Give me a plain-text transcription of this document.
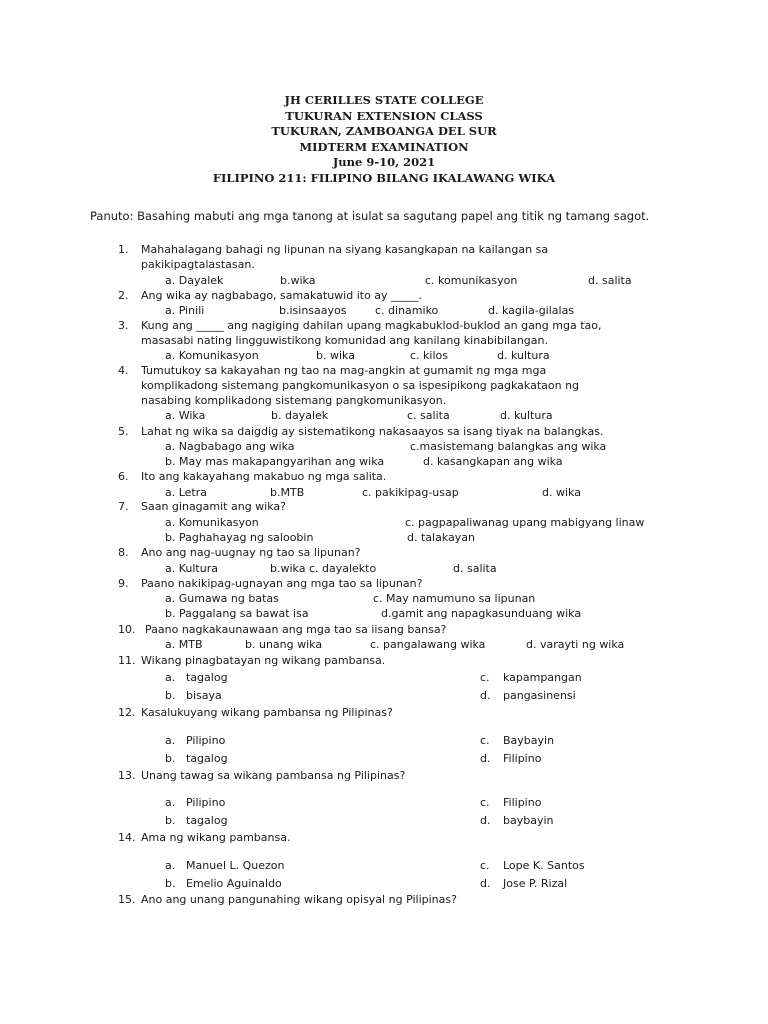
JH CERILLES STATE COLLEGE
TUKURAN EXTENSION CLASS
TUKURAN, ZAMBOANGA DEL SUR
MIDTERM EXAMINATION
June 9-10, 2021
FILIPINO 211: FILIPINO BILANG IKALAWANG WIKA
Panuto: Basahing mabuti ang mga tanong at isulat sa sagutang papel ang titik ng tamang sagot.
1. Mahahalagang bahagi ng lipunan na siyang kasangkapan na kailangan sa
pakikipagtalastasan.
a. Dayalek	b.wika	c. komunikasyon	d. salita
2. Ang wika ay nagbabago, samakatuwid ito ay _____.
a. Pinili	b.isinsaayos	c. dinamiko	d. kagila-gilalas
3. Kung ang _____ ang nagiging dahilan upang magkabuklod-buklod an gang mga tao,
masasabi nating lingguwistikong komunidad ang kanilang kinabibilangan.
a. Komunikasyon	b. wika	c. kilos	d. kultura
4. Tumutukoy sa kakayahan ng tao na mag-angkin at gumamit ng mga mga
komplikadong sistemang pangkomunikasyon o sa ispesipikong pagkakataon ng
nasabing komplikadong sistemang pangkomunikasyon.
a. Wika	b. dayalek	c. salita	d. kultura
5. Lahat ng wika sa daigdig ay sistematikong nakasaayos sa isang tiyak na balangkas.
a. Nagbabago ang wika	c.masistemang balangkas ang wika
b. May mas makapangyarihan ang wika	d. kasangkapan ang wika
6. Ito ang kakayahang makabuo ng mga salita.
a. Letra	b.MTB	c. pakikipag-usap	d. wika
7. Saan ginagamit ang wika?
a. Komunikasyon	c. pagpapaliwanag upang mabigyang linaw
b. Paghahayag ng saloobin	d. talakayan
8. Ano ang nag-uugnay ng tao sa lipunan?
a. Kultura	b.wika c. dayalekto	d. salita
9. Paano nakikipag-ugnayan ang mga tao sa lipunan?
a. Gumawa ng batas	c. May namumuno sa lipunan
b. Paggalang sa bawat isa	d.gamit ang napagkasunduang wika
10. Paano nagkakaunawaan ang mga tao sa iisang bansa?
a. MTB	b. unang wika	c. pangalawang wika	d. varayti ng wika
11. Wikang pinagbatayan ng wikang pambansa.
a. tagalog	c. kapampangan
b. bisaya	d. pangasinensi
12. Kasalukuyang wikang pambansa ng Pilipinas?
a. Pilipino	c. Baybayin
b. tagalog	d. Filipino
13. Unang tawag sa wikang pambansa ng Pilipinas?
a. Pilipino	c. Filipino
b. tagalog	d. baybayin
14. Ama ng wikang pambansa.
a. Manuel L. Quezon	c. Lope K. Santos
b. Emelio Aguinaldo	d. Jose P. Rizal
15. Ano ang unang pangunahing wikang opisyal ng Pilipinas?
